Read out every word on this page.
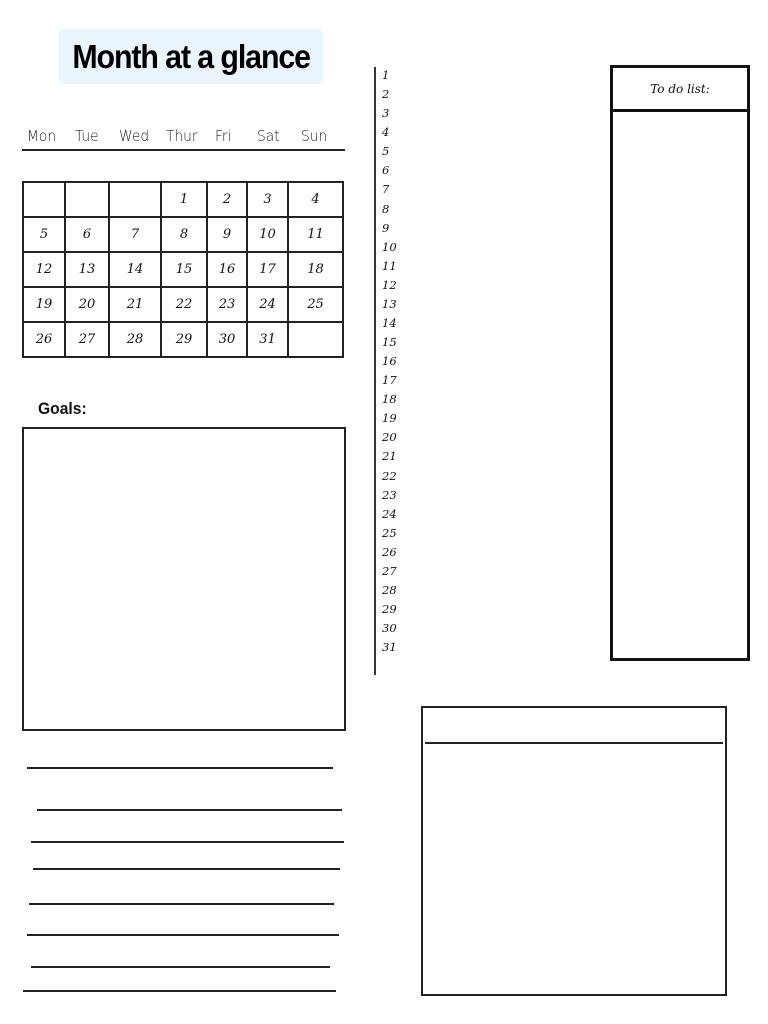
Month at a glance
Mon Tue Wed Thur Fri Sat Sun
			1	2	3	4
5	6	7	8	9	10	11
12	13	14	15	16	17	18
19	20	21	22	23	24	25
26	27	28	29	30	31	
Goals:
1
2
3
4
5
6
7
8
9
10
11
12
13
14
15
16
17
18
19
20
21
22
23
24
25
26
27
28
29
30
31
To do list:
